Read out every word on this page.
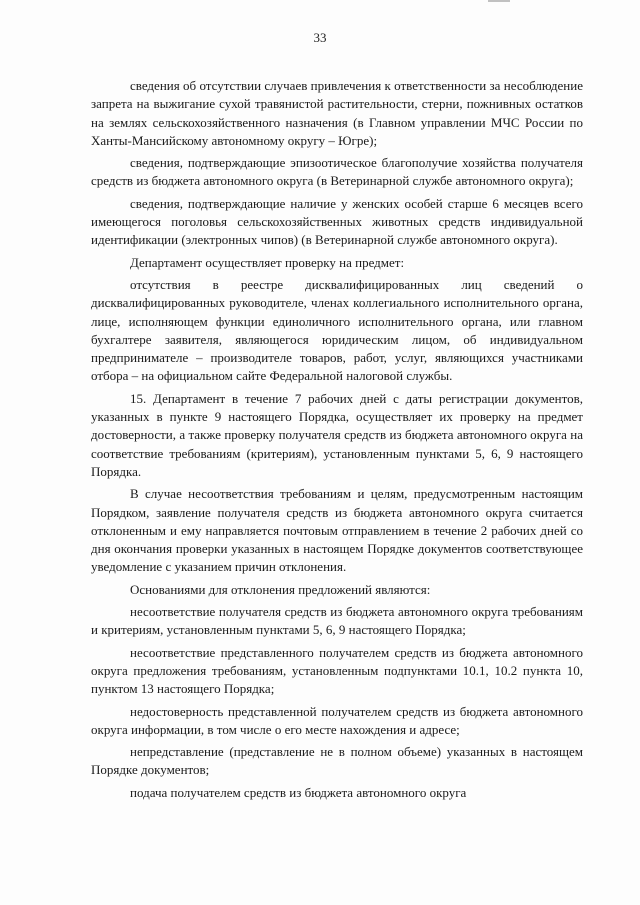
33

сведения об отсутствии случаев привлечения к ответственности за несоблюдение запрета на выжигание сухой травянистой растительности, стерни, пожнивных остатков на землях сельскохозяйственного назначения (в Главном управлении МЧС России по Ханты-Мансийскому автономному округу – Югре);

сведения, подтверждающие эпизоотическое благополучие хозяйства получателя средств из бюджета автономного округа (в Ветеринарной службе автономного округа);

сведения, подтверждающие наличие у женских особей старше 6 месяцев всего имеющегося поголовья сельскохозяйственных животных средств индивидуальной идентификации (электронных чипов) (в Ветеринарной службе автономного округа).

Департамент осуществляет проверку на предмет:

отсутствия в реестре дисквалифицированных лиц сведений о дисквалифицированных руководителе, членах коллегиального исполнительного органа, лице, исполняющем функции единоличного исполнительного органа, или главном бухгалтере заявителя, являющегося юридическим лицом, об индивидуальном предпринимателе – производителе товаров, работ, услуг, являющихся участниками отбора – на официальном сайте Федеральной налоговой службы.

15. Департамент в течение 7 рабочих дней с даты регистрации документов, указанных в пункте 9 настоящего Порядка, осуществляет их проверку на предмет достоверности, а также проверку получателя средств из бюджета автономного округа на соответствие требованиям (критериям), установленным пунктами 5, 6, 9 настоящего Порядка.

В случае несоответствия требованиям и целям, предусмотренным настоящим Порядком, заявление получателя средств из бюджета автономного округа считается отклоненным и ему направляется почтовым отправлением в течение 2 рабочих дней со дня окончания проверки указанных в настоящем Порядке документов соответствующее уведомление с указанием причин отклонения.

Основаниями для отклонения предложений являются:

несоответствие получателя средств из бюджета автономного округа требованиям и критериям, установленным пунктами 5, 6, 9 настоящего Порядка;

несоответствие представленного получателем средств из бюджета автономного округа предложения требованиям, установленным подпунктами 10.1, 10.2 пункта 10, пунктом 13 настоящего Порядка;

недостоверность представленной получателем средств из бюджета автономного округа информации, в том числе о его месте нахождения и адресе;

непредставление (представление не в полном объеме) указанных в настоящем Порядке документов;

подача получателем средств из бюджета автономного округа
